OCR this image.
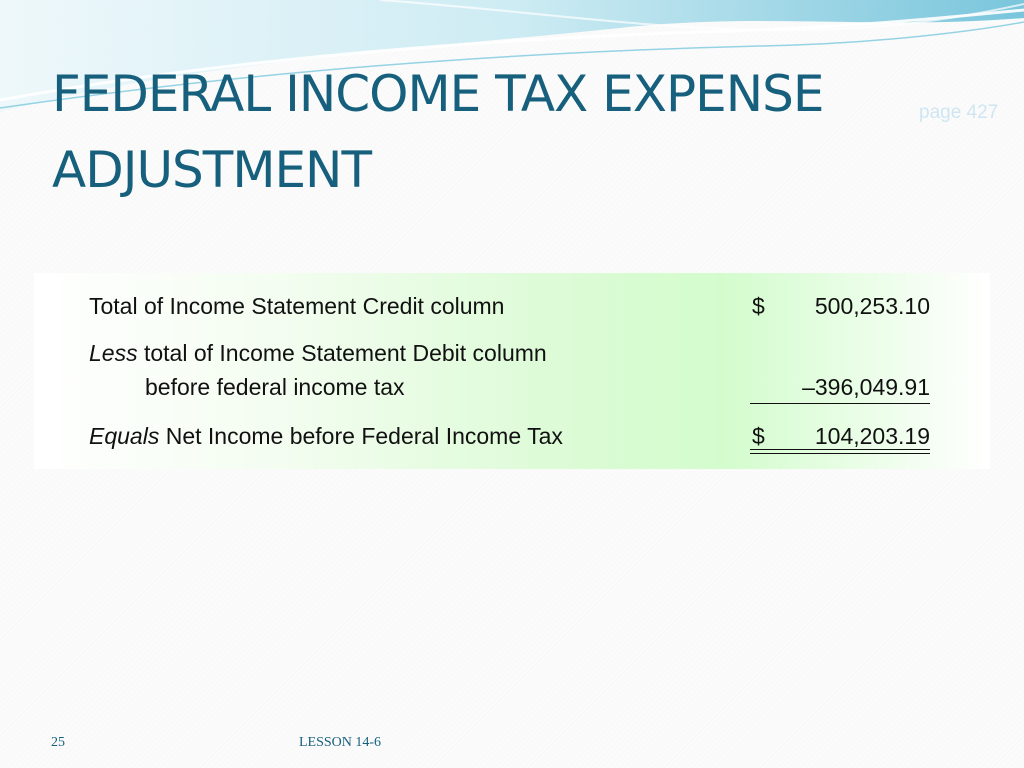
FEDERAL INCOME TAX EXPENSE
ADJUSTMENT
page 427
Total of Income Statement Credit column	$	500,253.10
Less total of Income Statement Debit column
before federal income tax	–396,049.91
Equals Net Income before Federal Income Tax	$	104,203.19
25	LESSON 14-6
